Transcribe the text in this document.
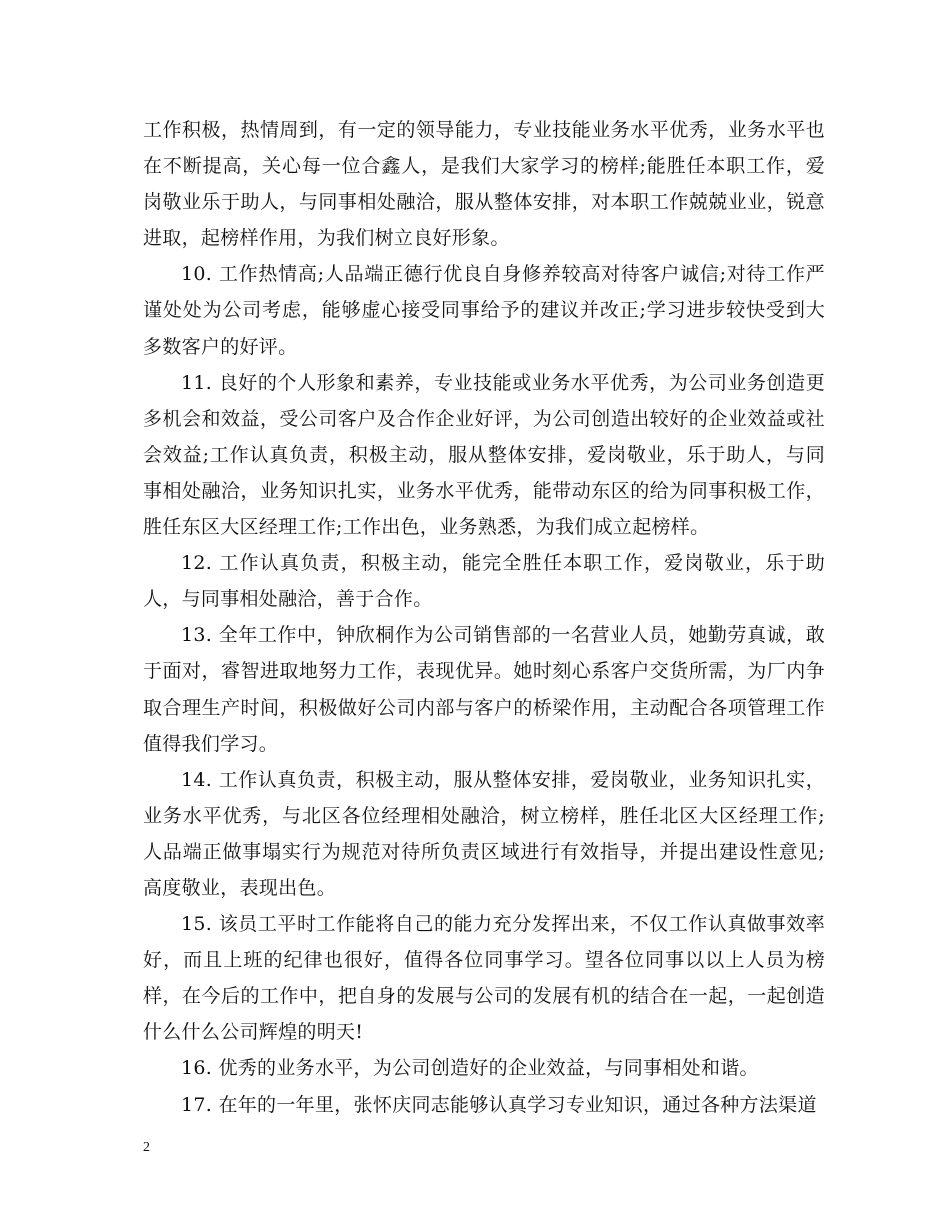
工作积极，热情周到，有一定的领导能力，专业技能业务水平优秀，业务水平也在不断提高，关心每一位合鑫人，是我们大家学习的榜样;能胜任本职工作，爱岗敬业乐于助人，与同事相处融洽，服从整体安排，对本职工作兢兢业业，锐意进取，起榜样作用，为我们树立良好形象。

10. 工作热情高;人品端正德行优良自身修养较高对待客户诚信;对待工作严谨处处为公司考虑，能够虚心接受同事给予的建议并改正;学习进步较快受到大多数客户的好评。

11. 良好的个人形象和素养，专业技能或业务水平优秀，为公司业务创造更多机会和效益，受公司客户及合作企业好评，为公司创造出较好的企业效益或社会效益;工作认真负责，积极主动，服从整体安排，爱岗敬业，乐于助人，与同事相处融洽，业务知识扎实，业务水平优秀，能带动东区的给为同事积极工作，胜任东区大区经理工作;工作出色，业务熟悉，为我们成立起榜样。

12. 工作认真负责，积极主动，能完全胜任本职工作，爱岗敬业，乐于助人，与同事相处融洽，善于合作。

13. 全年工作中，钟欣桐作为公司销售部的一名营业人员，她勤劳真诚，敢于面对，睿智进取地努力工作，表现优异。她时刻心系客户交货所需，为厂内争取合理生产时间，积极做好公司内部与客户的桥梁作用，主动配合各项管理工作值得我们学习。

14. 工作认真负责，积极主动，服从整体安排，爱岗敬业，业务知识扎实，业务水平优秀，与北区各位经理相处融洽，树立榜样，胜任北区大区经理工作;人品端正做事塌实行为规范对待所负责区域进行有效指导，并提出建设性意见;高度敬业，表现出色。

15. 该员工平时工作能将自己的能力充分发挥出来，不仅工作认真做事效率好，而且上班的纪律也很好，值得各位同事学习。望各位同事以以上人员为榜样，在今后的工作中，把自身的发展与公司的发展有机的结合在一起，一起创造什么什么公司辉煌的明天!

16. 优秀的业务水平，为公司创造好的企业效益，与同事相处和谐。

17. 在年的一年里，张怀庆同志能够认真学习专业知识，通过各种方法渠道

2
